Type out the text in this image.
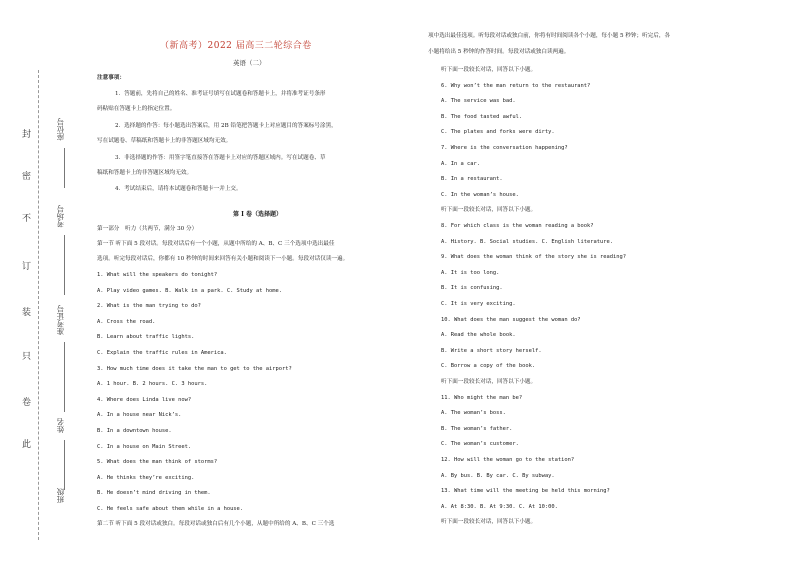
封
密
不
订
装
只
卷
此
座位号
考场号
准考证号
姓名
班级
（新高考）2022 届高三二轮综合卷
英语（二）
注意事项：
1．答题前，先将自己的姓名、准考证号填写在试题卷和答题卡上，并将准考证号条形
码粘贴在答题卡上的指定位置。
2．选择题的作答：每小题选出答案后，用 2B 铅笔把答题卡上对应题目的答案标号涂黑，
写在试题卷、草稿纸和答题卡上的非答题区域均无效。
3．非选择题的作答：用签字笔直接答在答题卡上对应的答题区域内。写在试题卷、草
稿纸和答题卡上的非答题区域均无效。
4．考试结束后，请将本试题卷和答题卡一并上交。
第 I 卷（选择题）
第一部分　听力（共两节，满分 30 分）
第一节 听下面 5 段对话。每段对话后有一个小题，从题中所给的 A、B、C 三个选项中选出最佳
选项。听完每段对话后，你都有 10 秒钟的时间来回答有关小题和阅读下一小题。每段对话仅读一遍。
1. What will the speakers do tonight?
A. Play video games. B. Walk in a park. C. Study at home.
2. What is the man trying to do?
A. Cross the road.
B. Learn about traffic lights.
C. Explain the traffic rules in America.
3. How much time does it take the man to get to the airport?
A. 1 hour. B. 2 hours. C. 3 hours.
4. Where does Linda live now?
A. In a house near Nick’s.
B. In a downtown house.
C. In a house on Main Street.
5. What does the man think of storms?
A. He thinks they’re exciting.
B. He doesn’t mind driving in them.
C. He feels safe about them while in a house.
第二节 听下面 5 段对话或独白。每段对话或独白后有几个小题，从题中所给的 A、B、C 三个选
项中选出最佳选项。听每段对话或独白前，你将有时间阅读各个小题，每小题 5 秒钟；听完后，各
小题将给出 5 秒钟的作答时间。每段对话或独白读两遍。
听下面一段较长对话，回答以下小题。
6. Why won’t the man return to the restaurant?
A. The service was bad.
B. The food tasted awful.
C. The plates and forks were dirty.
7. Where is the conversation happening?
A. In a car.
B. In a restaurant.
C. In the woman’s house.
听下面一段较长对话，回答以下小题。
8. For which class is the woman reading a book?
A. History. B. Social studies. C. English literature.
9. What does the woman think of the story she is reading?
A. It is too long.
B. It is confusing.
C. It is very exciting.
10. What does the man suggest the woman do?
A. Read the whole book.
B. Write a short story herself.
C. Borrow a copy of the book.
听下面一段较长对话，回答以下小题。
11. Who might the man be?
A. The woman’s boss.
B. The woman’s father.
C. The woman’s customer.
12. How will the woman go to the station?
A. By bus. B. By car. C. By subway.
13. What time will the meeting be held this morning?
A. At 8:30. B. At 9:30. C. At 10:00.
听下面一段较长对话，回答以下小题。
